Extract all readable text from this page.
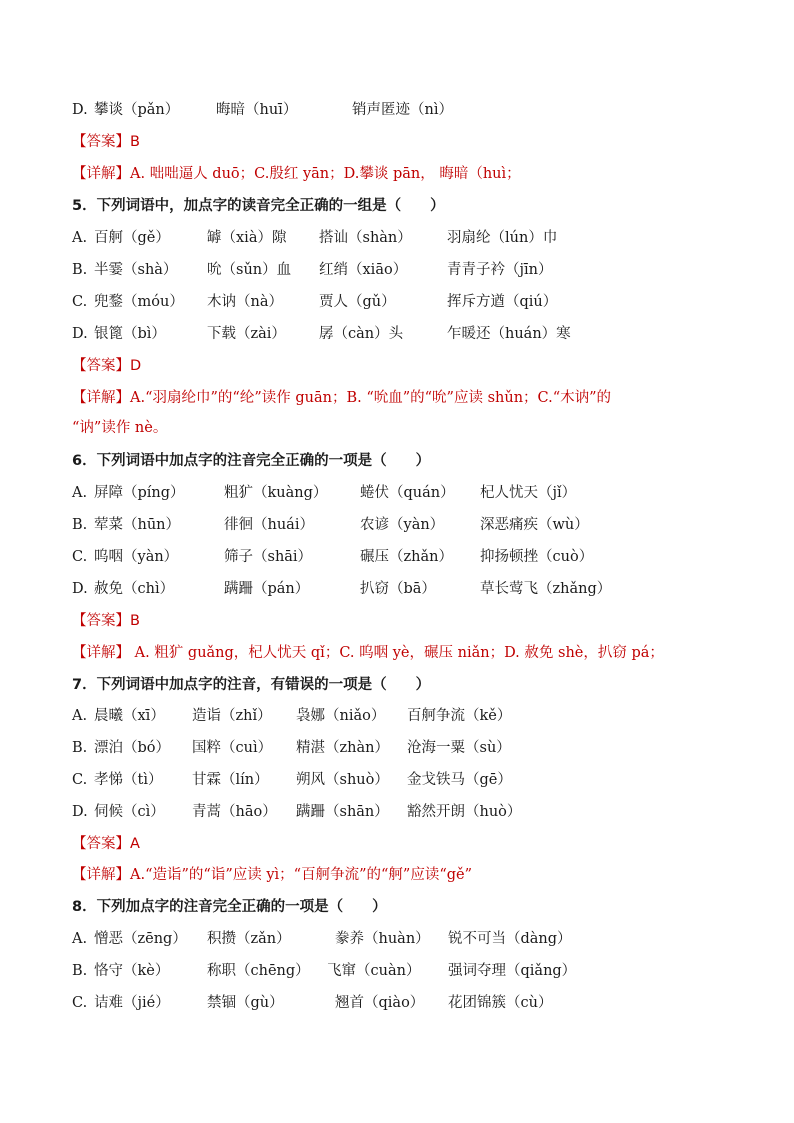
D. 攀谈（pǎn）	晦暗（huī）	销声匿迹（nì）
【答案】B
【详解】A. 咄咄逼人 duō；C.殷红 yān；D.攀谈 pān， 晦暗（huì；
5．下列词语中，加点字的读音完全正确的一组是（　　）
A. 百舸（gě）	罅（xià）隙 搭讪（shàn） 羽扇纶（lún）巾
B. 半霎（shà） 吮（sǔn）血 红绡（xiāo）	青青子衿（jīn）
C. 兜鍪（móu） 木讷（nà） 贾人（gǔ）	挥斥方遒（qiú）
D. 银篦（bì）	下载（zài） 孱（càn）头	乍暖还（huán）寒
【答案】D
【详解】A.“羽扇纶巾”的“纶”读作 guān；B. “吮血”的“吮”应读 shǔn；C.“木讷”的
“讷”读作 nè。
6．下列词语中加点字的注音完全正确的一项是（　　）
A. 屏障（píng）	粗犷（kuàng） 蜷伏（quán） 杞人忧天（jǐ）
B. 荤菜（hūn）	徘徊（huái）	农谚（yàn） 深恶痛疾（wù）
C. 呜咽（yàn）	筛子（shāi）	碾压（zhǎn） 抑扬顿挫（cuò）
D. 赦免（chì）	蹒跚（pán）	扒窃（bā）	草长莺飞（zhǎng）
【答案】B
【详解】 A. 粗犷 guǎng，杞人忧天 qǐ；C. 呜咽 yè，碾压 niǎn；D. 赦免 shè，扒窃 pá；
7．下列词语中加点字的注音，有错误的一项是（　　）
A. 晨曦（xī） 造诣（zhǐ） 袅娜（niǎo） 百舸争流（kě）
B. 漂泊（bó） 国粹（cuì） 精湛（zhàn） 沧海一粟（sù）
C. 孝悌（tì） 甘霖（lín） 朔风（shuò） 金戈铁马（gē）
D. 伺候（cì） 青蒿（hāo） 蹒跚（shān） 豁然开朗（huò）
【答案】A
【详解】A.“造诣”的“诣”应读 yì；“百舸争流”的“舸”应读“gě”
8．下列加点字的注音完全正确的一项是（　　）
A. 憎恶（zēng） 积攒（zǎn）	豢养（huàn） 锐不可当（dàng）
B. 恪守（kè）	称职（chēng） 飞窜（cuàn） 强词夺理（qiǎng）
C. 诘难（jié）	禁锢（gù）	翘首（qiào） 花团锦簇（cù）
